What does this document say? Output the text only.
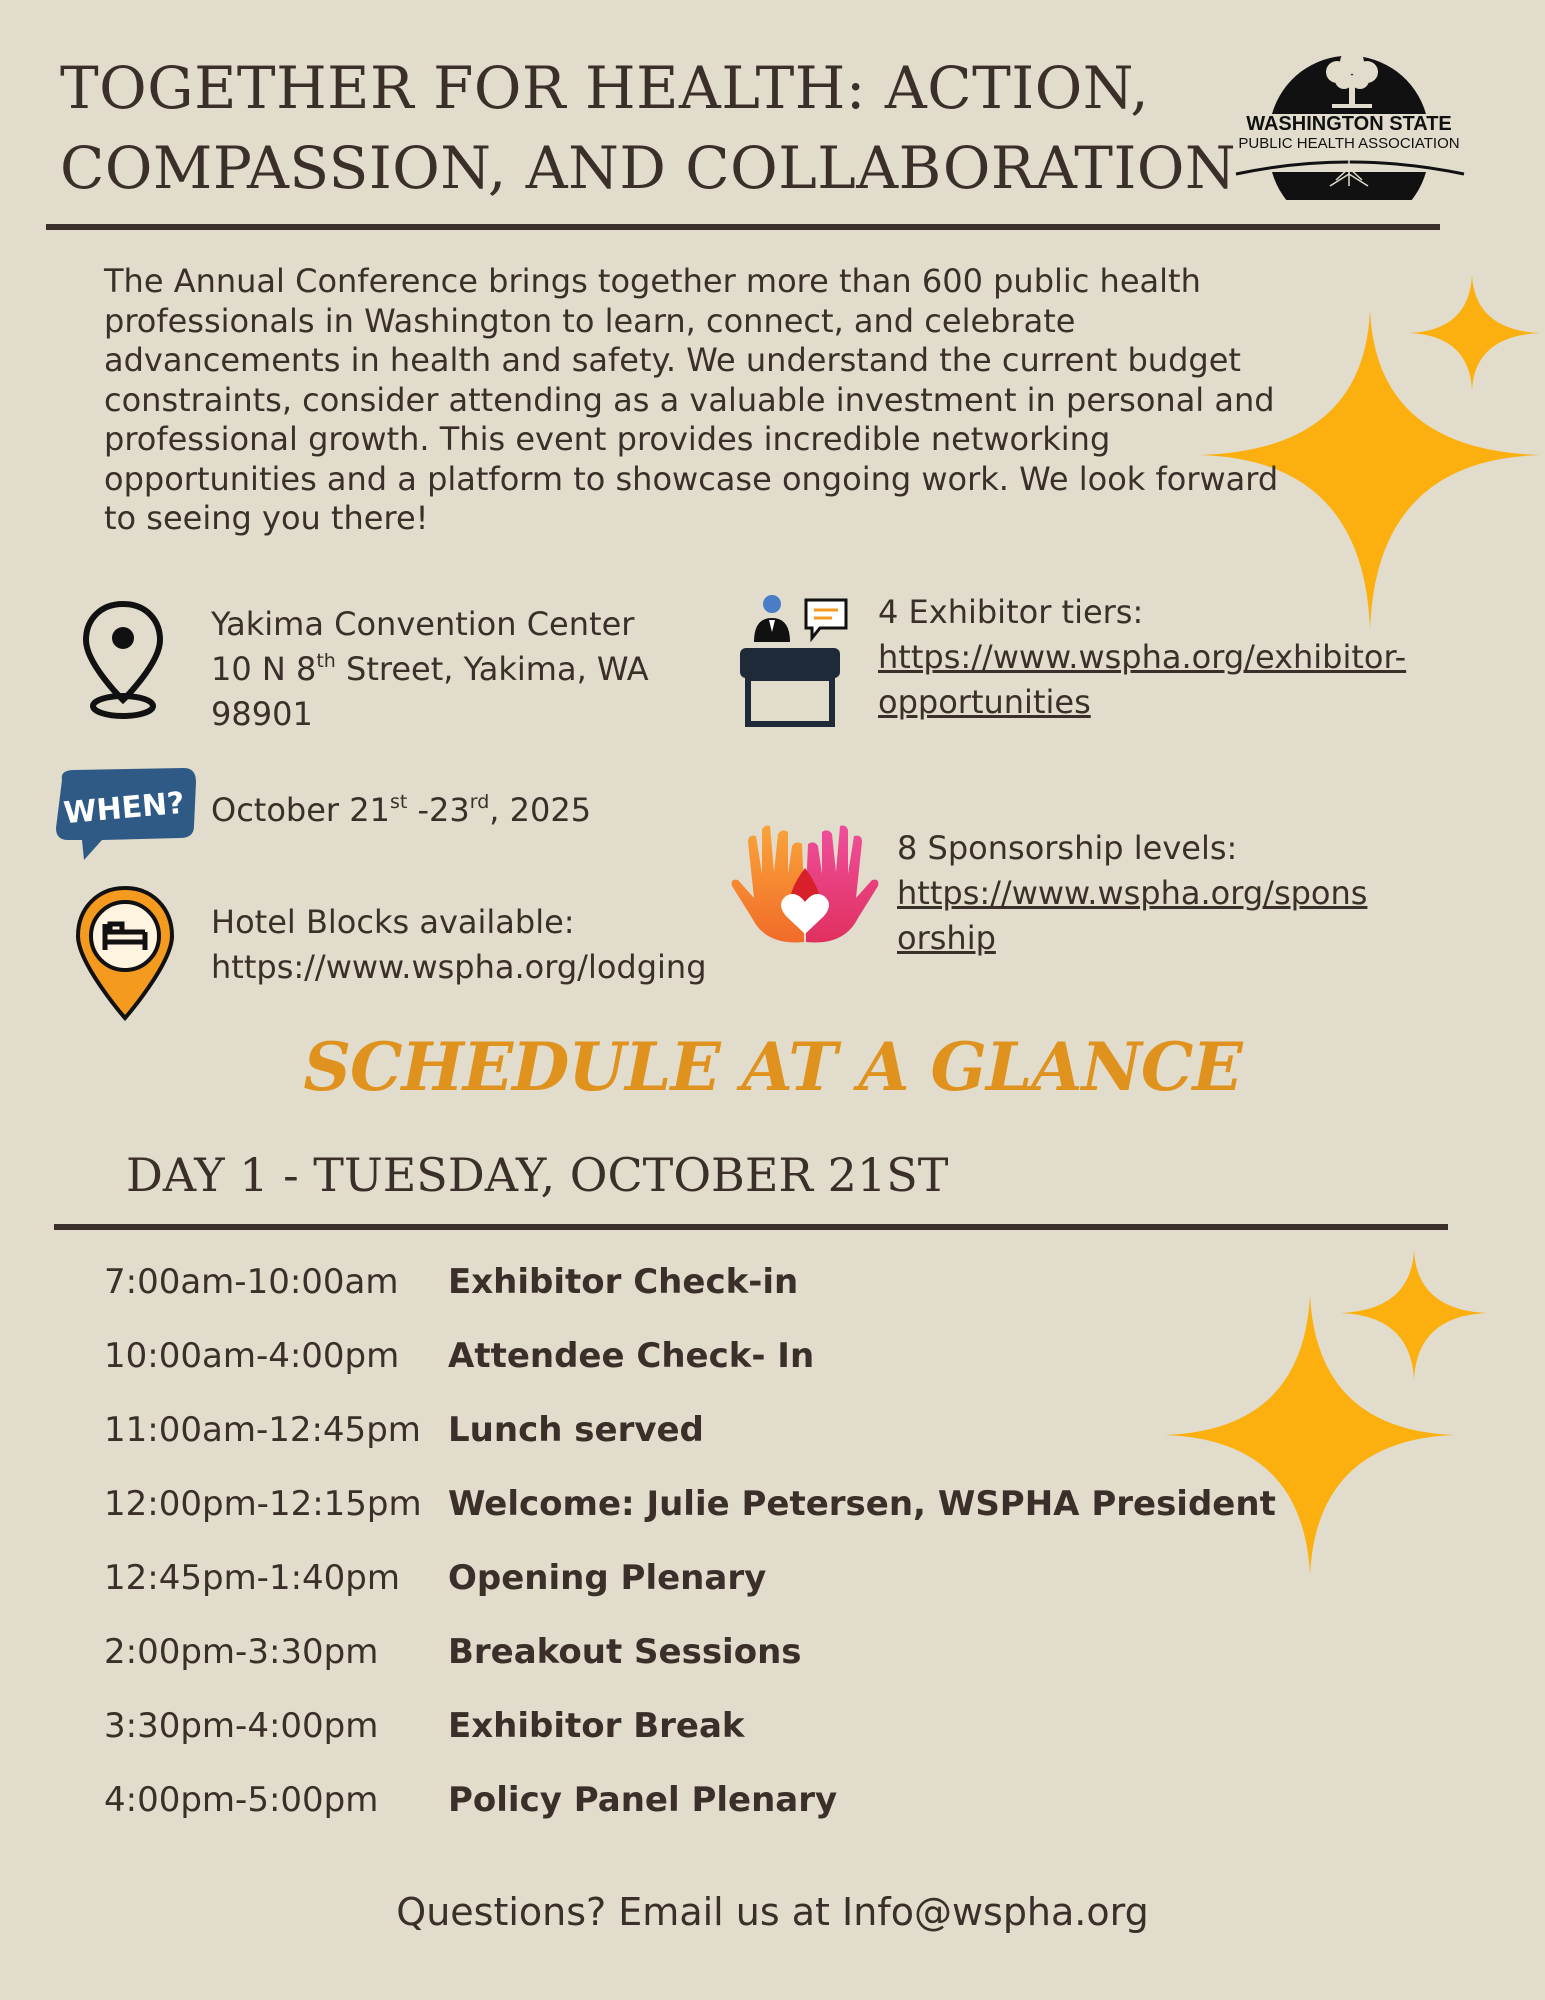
TOGETHER FOR HEALTH: ACTION,
COMPASSION, AND COLLABORATION
WASHINGTON STATE
PUBLIC HEALTH ASSOCIATION
The Annual Conference brings together more than 600 public health
professionals in Washington to learn, connect, and celebrate
advancements in health and safety. We understand the current budget
constraints, consider attending as a valuable investment in personal and
professional growth. This event provides incredible networking
opportunities and a platform to showcase ongoing work. We look forward
to seeing you there!
Yakima Convention Center
10 N 8th Street, Yakima, WA
98901
WHEN? October 21st -23rd, 2025
Hotel Blocks available:
https://www.wspha.org/lodging
4 Exhibitor tiers:
https://www.wspha.org/exhibitor-
opportunities
8 Sponsorship levels:
https://www.wspha.org/spons
orship
SCHEDULE AT A GLANCE
DAY 1 - TUESDAY, OCTOBER 21ST
7:00am-10:00am Exhibitor Check-in
10:00am-4:00pm Attendee Check- In
11:00am-12:45pm Lunch served
12:00pm-12:15pm Welcome: Julie Petersen, WSPHA President
12:45pm-1:40pm Opening Plenary
2:00pm-3:30pm Breakout Sessions
3:30pm-4:00pm Exhibitor Break
4:00pm-5:00pm Policy Panel Plenary
Questions? Email us at Info@wspha.org
